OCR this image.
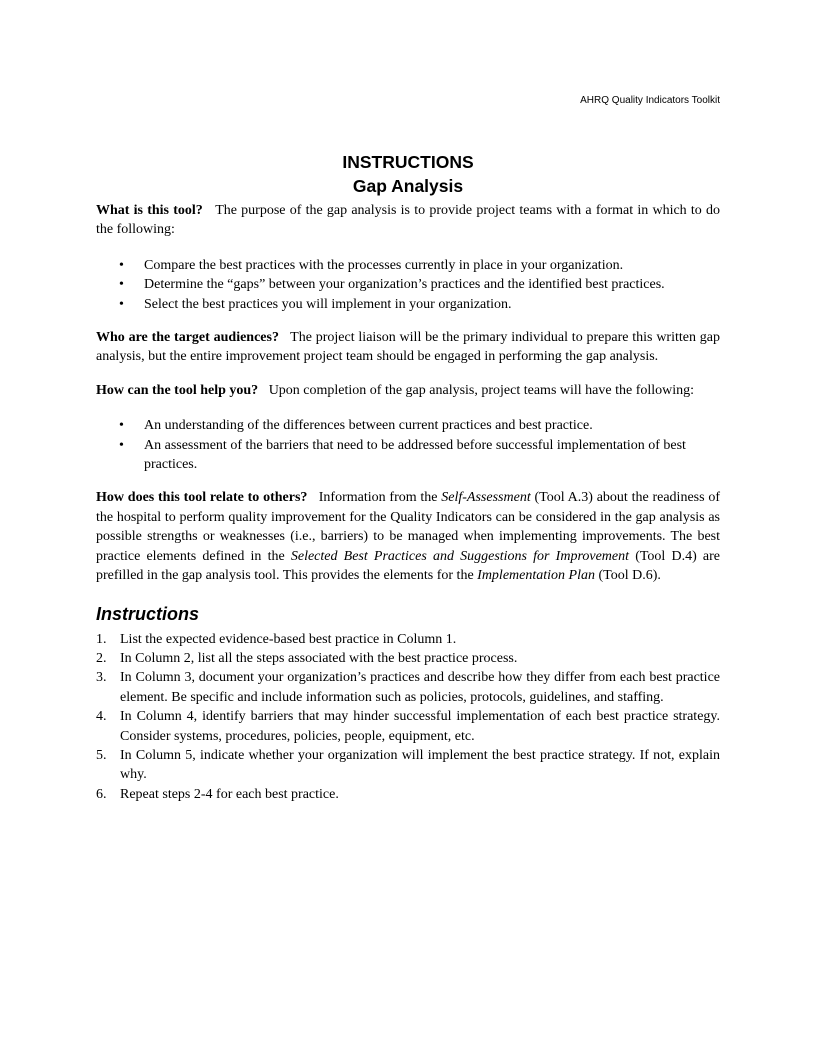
AHRQ Quality Indicators Toolkit
INSTRUCTIONS
Gap Analysis

What is this tool? The purpose of the gap analysis is to provide project teams with a format in which to do the following:

• Compare the best practices with the processes currently in place in your organization.
• Determine the “gaps” between your organization’s practices and the identified best practices.
• Select the best practices you will implement in your organization.

Who are the target audiences? The project liaison will be the primary individual to prepare this written gap analysis, but the entire improvement project team should be engaged in performing the gap analysis.

How can the tool help you? Upon completion of the gap analysis, project teams will have the following:

• An understanding of the differences between current practices and best practice.
• An assessment of the barriers that need to be addressed before successful implementation of best practices.

How does this tool relate to others? Information from the Self-Assessment (Tool A.3) about the readiness of the hospital to perform quality improvement for the Quality Indicators can be considered in the gap analysis as possible strengths or weaknesses (i.e., barriers) to be managed when implementing improvements. The best practice elements defined in the Selected Best Practices and Suggestions for Improvement (Tool D.4) are prefilled in the gap analysis tool. This provides the elements for the Implementation Plan (Tool D.6).

Instructions
1. List the expected evidence-based best practice in Column 1.
2. In Column 2, list all the steps associated with the best practice process.
3. In Column 3, document your organization’s practices and describe how they differ from each best practice element. Be specific and include information such as policies, protocols, guidelines, and staffing.
4. In Column 4, identify barriers that may hinder successful implementation of each best practice strategy. Consider systems, procedures, policies, people, equipment, etc.
5. In Column 5, indicate whether your organization will implement the best practice strategy. If not, explain why.
6. Repeat steps 2-4 for each best practice.
